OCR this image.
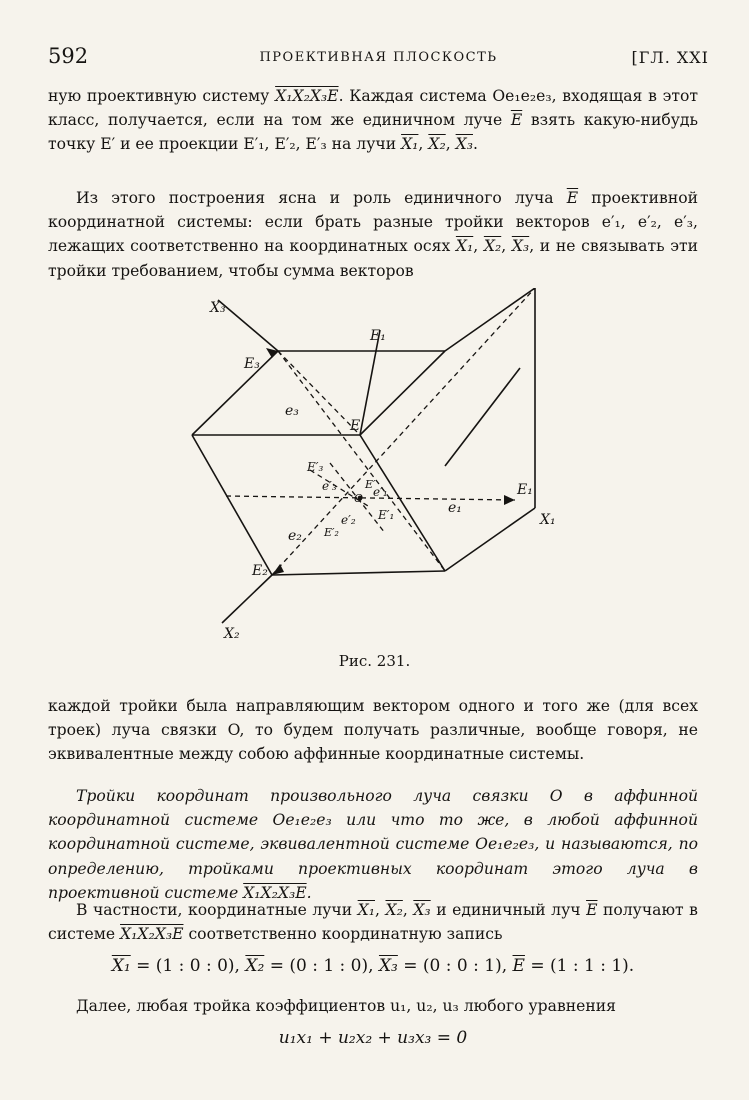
592	ПРОЕКТИВНАЯ ПЛОСКОСТЬ	[ГЛ. XXI
ную проективную систему X₁X₂X₃E. Каждая система Oe₁e₂e₃, входящая в этот класс, получается, если на том же единичном луче $\overline{E}$ взять какую-нибудь точку E′ и ее проекции E′₁, E′₂, E′₃ на лучи X₁, X₂, X₃.
Из этого построения ясна и роль единичного луча $\overline{E}$ проективной координатной системы: если брать разные тройки векторов e′₁, e′₂, e′₃, лежащих соответственно на координатных осях X₁, X₂, X₃, и не связывать эти тройки требованием, чтобы сумма векторов
X₃
E₁
E₃
E
e₃
E′₃
e′₃	E′
e′₁
O
E′₁
e′₂
E′₂
e₂
e₁
E₁
X₁
E₂
X₂
Рис. 231.
каждой тройки была направляющим вектором одного и того же (для всех троек) луча связки O, то будем получать различные, вообще говоря, не эквивалентные между собою аффинные координатные системы.
Тройки координат произвольного луча связки O в аффинной координатной системе Oe₁e₂e₃ или что то же, в любой аффинной координатной системе, эквивалентной системе Oe₁e₂e₃, и называются, по определению, тройками проективных координат этого луча в проективной системе X₁X₂X₃E.
В частности, координатные лучи X₁, X₂, X₃ и единичный луч $\overline{E}$ получают в системе X₁X₂X₃E соответственно координатную запись
X₁ = (1 : 0 : 0), X₂ = (0 : 1 : 0), X₃ = (0 : 0 : 1), $\overline{E} = (1$ : 1 : 1).
Далее, любая тройка коэффициентов u₁, u₂, u₃ любого уравнения
u₁x₁ + u₂x₂ + u₃x₃ = 0
